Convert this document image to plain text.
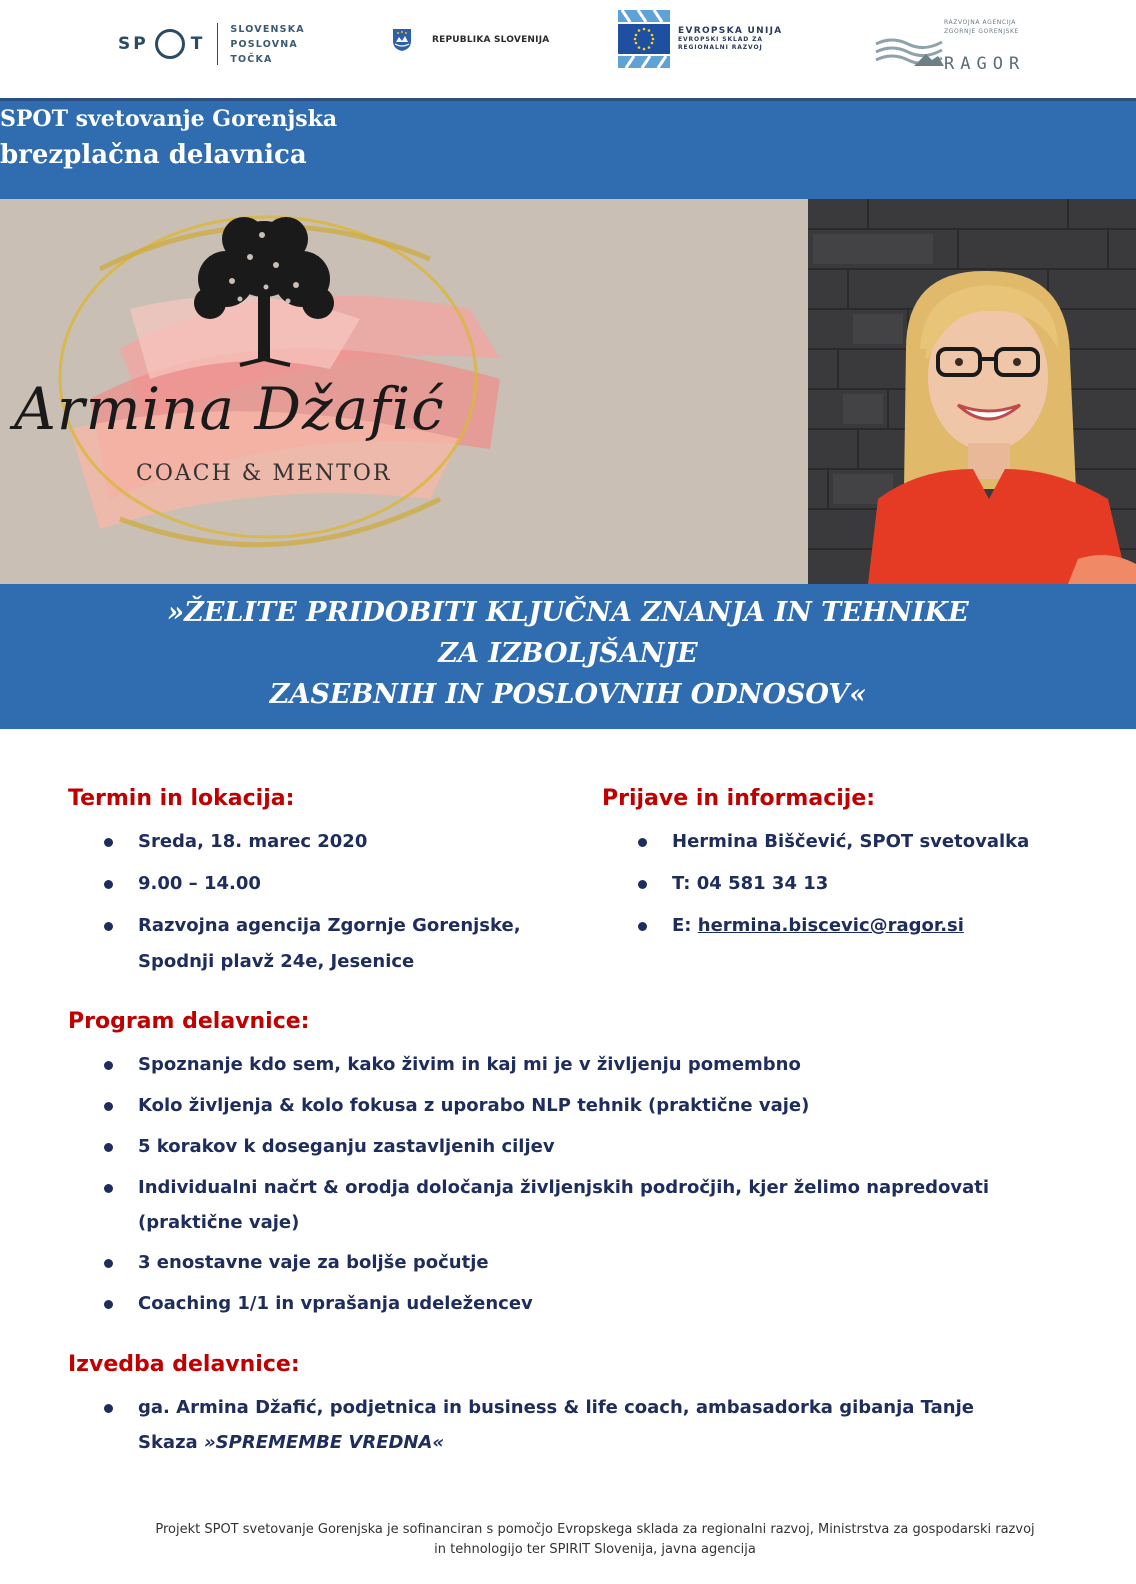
SP T
SLOVENSKA
POSLOVNA
TOČKA
REPUBLIKA SLOVENIJA
EVROPSKA UNIJA
EVROPSKI SKLAD ZA
REGIONALNI RAZVOJ
RAZVOJNA AGENCIJA
ZGORNJE GORENJSKE
RAGOR
SPOT svetovanje Gorenjska
brezplačna delavnica
Armina Džafić
COACH & MENTOR
»ŽELITE PRIDOBITI KLJUČNA ZNANJA IN TEHNIKE
ZA IZBOLJŠANJE
ZASEBNIH IN POSLOVNIH ODNOSOV«
Termin in lokacija:
Sreda, 18. marec 2020
9.00 – 14.00
Razvojna agencija Zgornje Gorenjske,
Spodnji plavž 24e, Jesenice
Prijave in informacije:
Hermina Biščević, SPOT svetovalka
T: 04 581 34 13
E: hermina.biscevic@ragor.si
Program delavnice:
Spoznanje kdo sem, kako živim in kaj mi je v življenju pomembno
Kolo življenja & kolo fokusa z uporabo NLP tehnik (praktične vaje)
5 korakov k doseganju zastavljenih ciljev
Individualni načrt & orodja določanja življenjskih področjih, kjer želimo napredovati
(praktične vaje)
3 enostavne vaje za boljše počutje
Coaching 1/1 in vprašanja udeležencev
Izvedba delavnice:
ga. Armina Džafić, podjetnica in business & life coach, ambasadorka gibanja Tanje
Skaza »SPREMEMBE VREDNA«
Projekt SPOT svetovanje Gorenjska je sofinanciran s pomočjo Evropskega sklada za regionalni razvoj, Ministrstva za gospodarski razvoj
in tehnologijo ter SPIRIT Slovenija, javna agencija
